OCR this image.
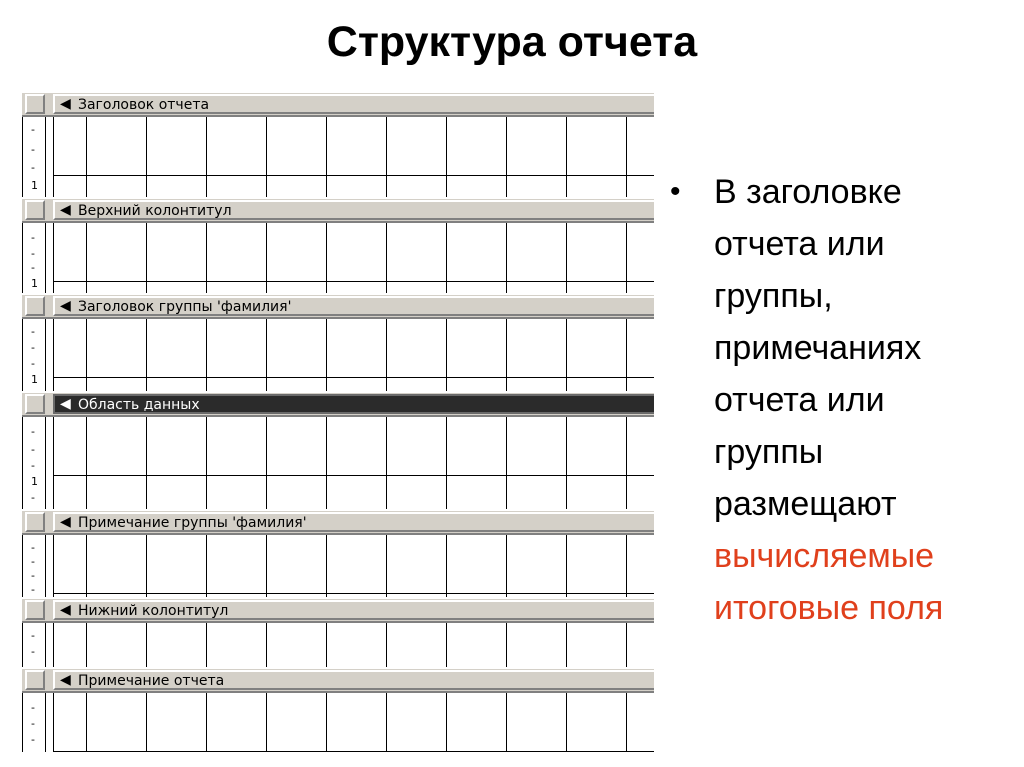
Структура отчета
◀ Заголовок отчета
-
-
-
1
◀ Верхний колонтитул
-
-
-
1
◀ Заголовок группы 'фамилия'
-
-
-
1
◀ Область данных
-
-
-
1
-
◀ Примечание группы 'фамилия'
-
-
-
-
◀ Нижний колонтитул
-
-
◀ Примечание отчета
-
-
-
• В заголовке
отчета или
группы,
примечаниях
отчета или
группы
размещают
вычисляемые
итоговые поля
